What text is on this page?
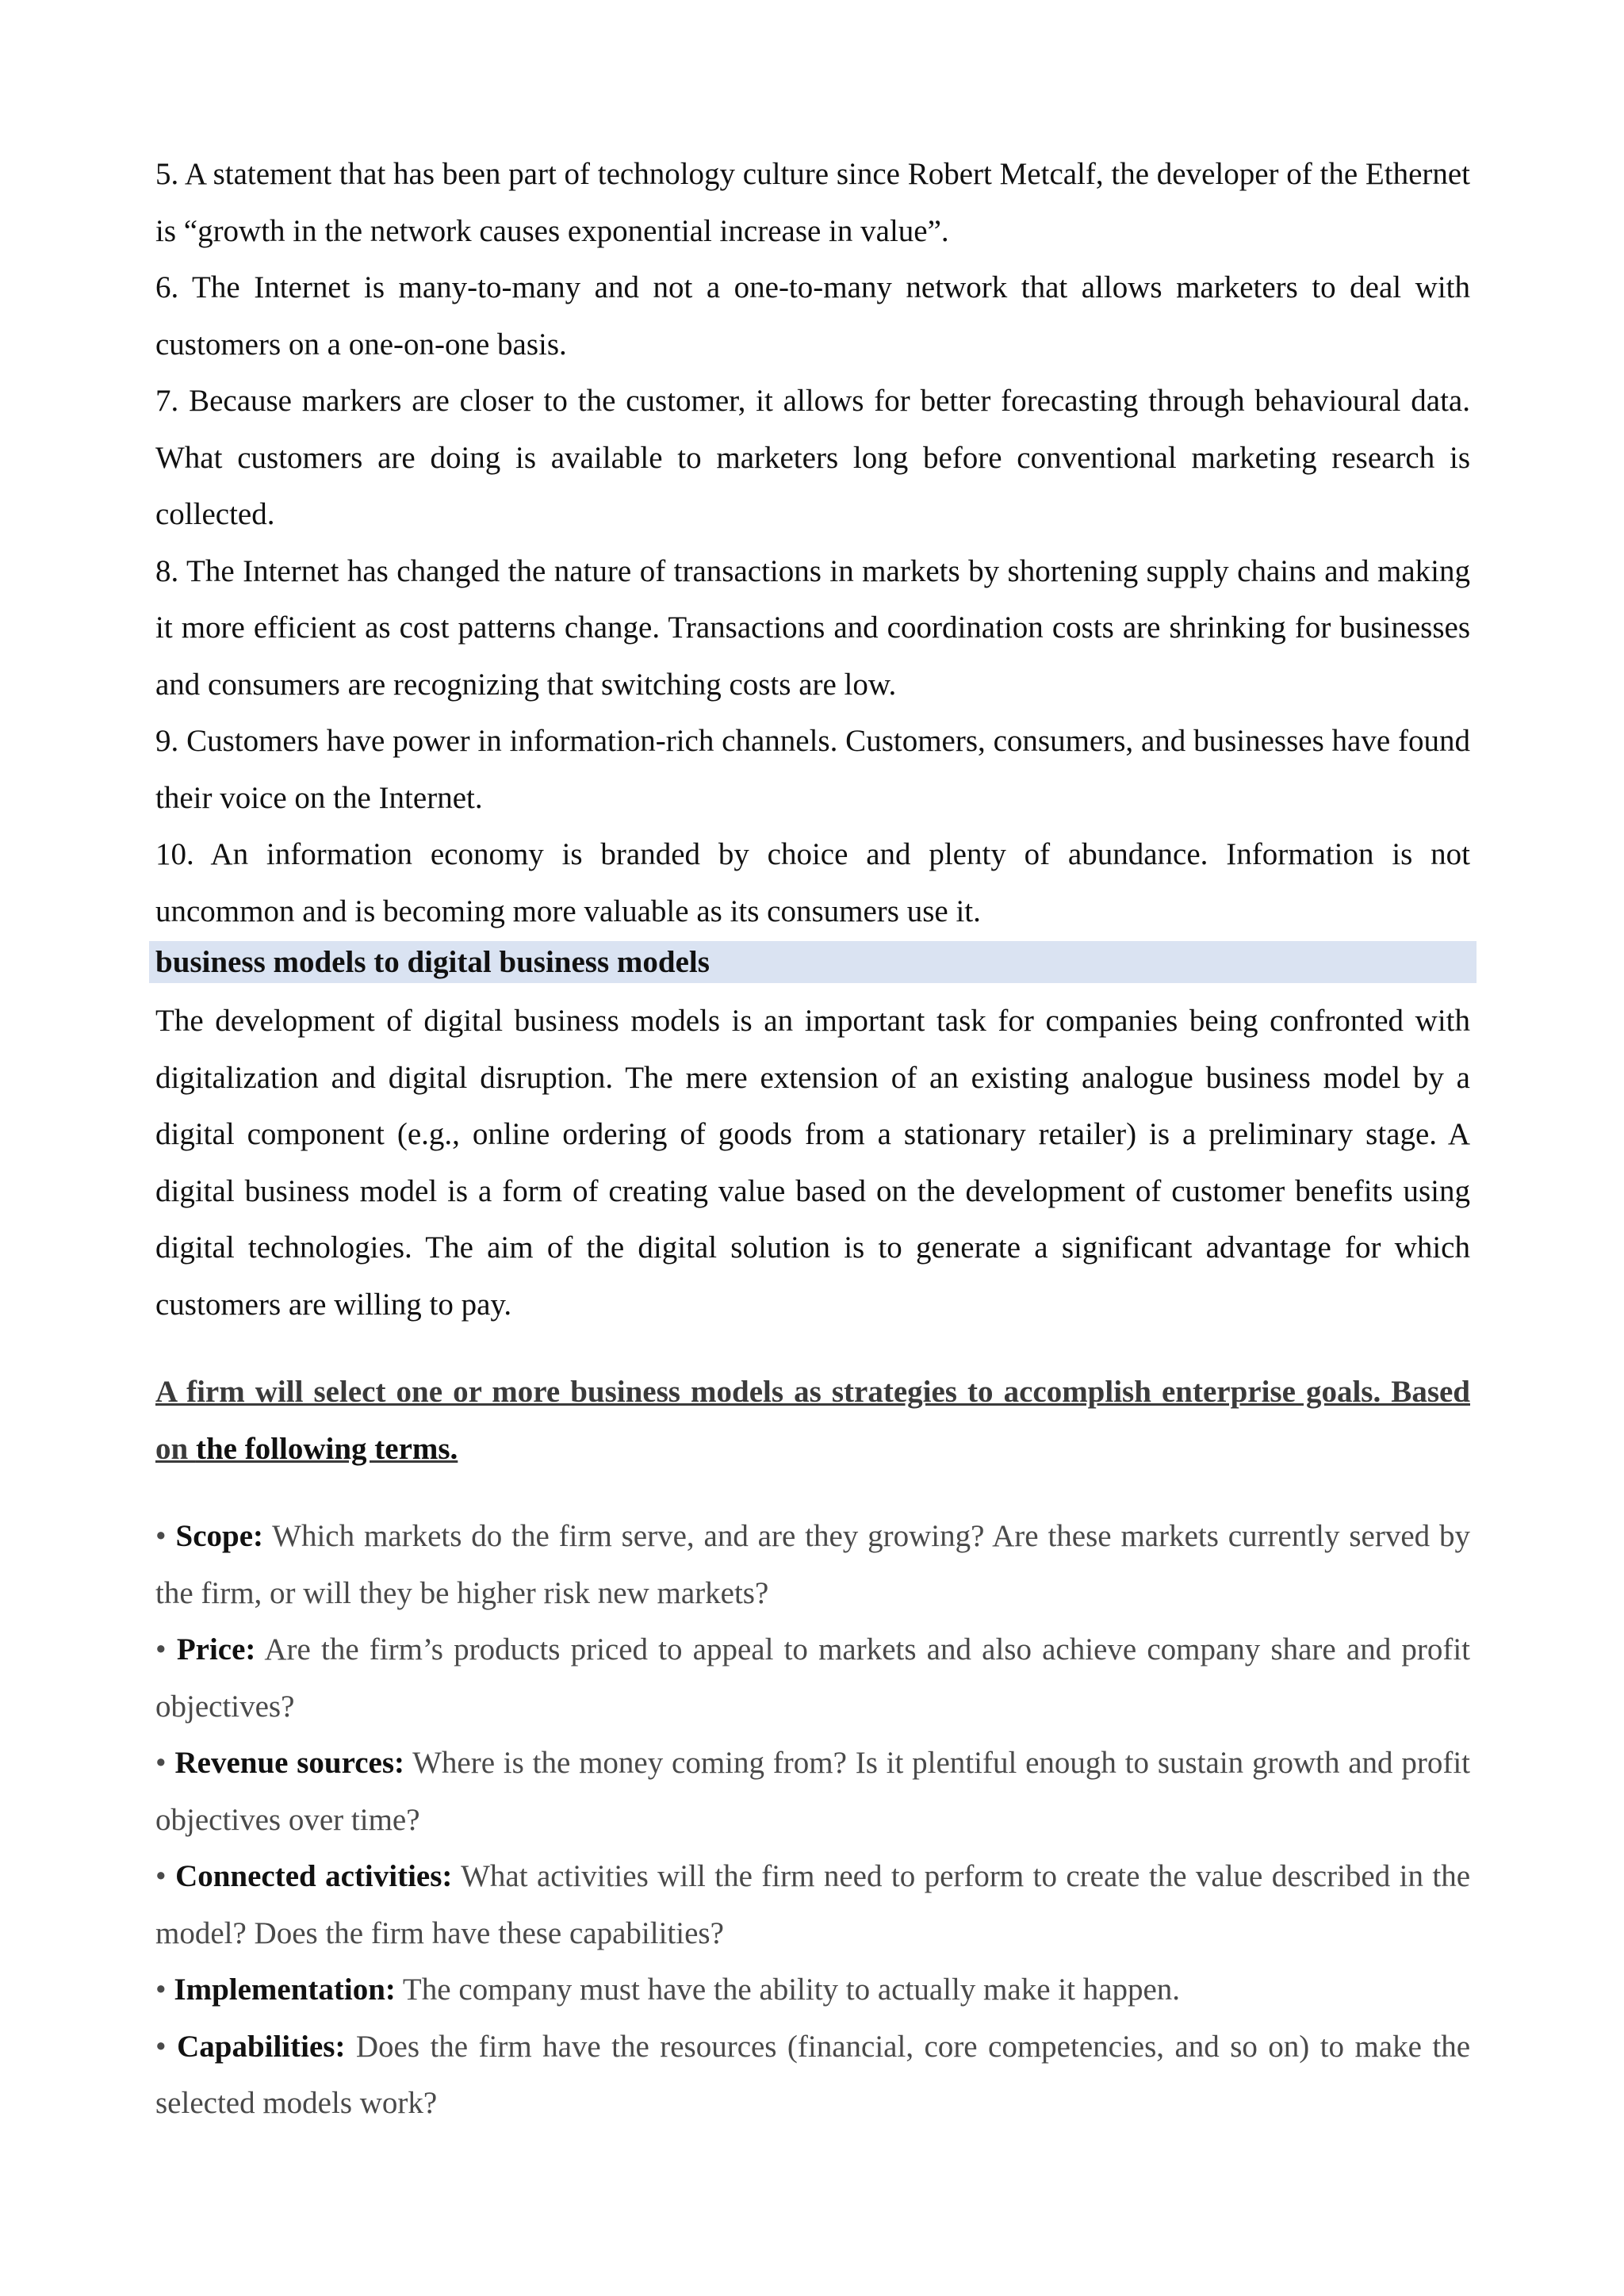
5. A statement that has been part of technology culture since Robert Metcalf, the developer of the Ethernet is “growth in the network causes exponential increase in value”.

6. The Internet is many-to-many and not a one-to-many network that allows marketers to deal with customers on a one-on-one basis.

7. Because markers are closer to the customer, it allows for better forecasting through behavioural data. What customers are doing is available to marketers long before conventional marketing research is collected.

8. The Internet has changed the nature of transactions in markets by shortening supply chains and making it more efficient as cost patterns change. Transactions and coordination costs are shrinking for businesses and consumers are recognizing that switching costs are low.

9. Customers have power in information-rich channels. Customers, consumers, and businesses have found their voice on the Internet.

10. An information economy is branded by choice and plenty of abundance. Information is not uncommon and is becoming more valuable as its consumers use it.

business models to digital business models

The development of digital business models is an important task for companies being confronted with digitalization and digital disruption. The mere extension of an existing analogue business model by a digital component (e.g., online ordering of goods from a stationary retailer) is a preliminary stage. A digital business model is a form of creating value based on the development of customer benefits using digital technologies. The aim of the digital solution is to generate a significant advantage for which customers are willing to pay.

A firm will select one or more business models as strategies to accomplish enterprise goals. Based on the following terms.

• Scope: Which markets do the firm serve, and are they growing? Are these markets currently served by the firm, or will they be higher risk new markets?

• Price: Are the firm’s products priced to appeal to markets and also achieve company share and profit objectives?

• Revenue sources: Where is the money coming from? Is it plentiful enough to sustain growth and profit objectives over time?

• Connected activities: What activities will the firm need to perform to create the value described in the model? Does the firm have these capabilities?

• Implementation: The company must have the ability to actually make it happen.

• Capabilities: Does the firm have the resources (financial, core competencies, and so on) to make the selected models work?
